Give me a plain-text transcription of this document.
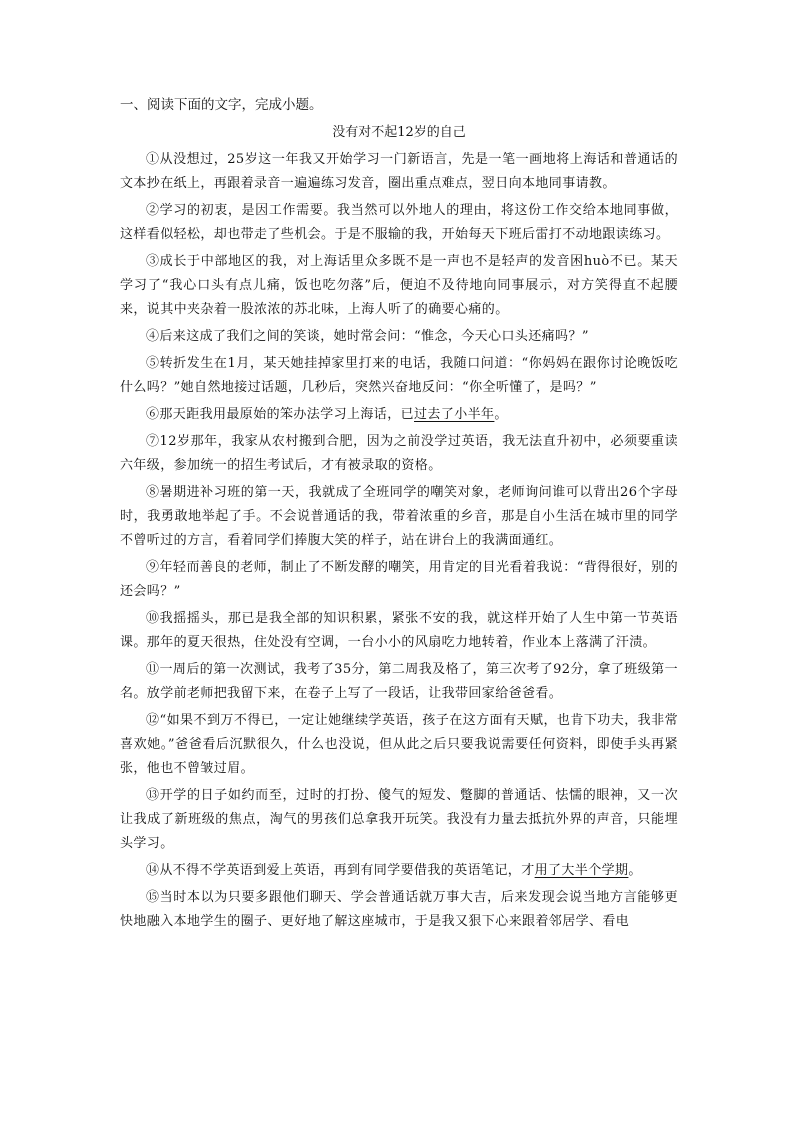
一、阅读下面的文字，完成小题。
没有对不起12岁的自己

①从没想过，25岁这一年我又开始学习一门新语言，先是一笔一画地将上海话和普通话的文本抄在纸上，再跟着录音一遍遍练习发音，圈出重点难点，翌日向本地同事请教。

②学习的初衷，是因工作需要。我当然可以外地人的理由，将这份工作交给本地同事做，这样看似轻松，却也带走了些机会。于是不服输的我，开始每天下班后雷打不动地跟读练习。

③成长于中部地区的我，对上海话里众多既不是一声也不是轻声的发音困huò不已。某天学习了“我心口头有点儿痛，饭也吃勿落”后，便迫不及待地向同事展示，对方笑得直不起腰来，说其中夹杂着一股浓浓的苏北味，上海人听了的确要心痛的。

④后来这成了我们之间的笑谈，她时常会问：“惟念，今天心口头还痛吗？”

⑤转折发生在1月，某天她挂掉家里打来的电话，我随口问道：“你妈妈在跟你讨论晚饭吃什么吗？”她自然地接过话题，几秒后，突然兴奋地反问：“你全听懂了，是吗？”

⑥那天距我用最原始的笨办法学习上海话，已过去了小半年。

⑦12岁那年，我家从农村搬到合肥，因为之前没学过英语，我无法直升初中，必须要重读六年级，参加统一的招生考试后，才有被录取的资格。

⑧暑期进补习班的第一天，我就成了全班同学的嘲笑对象，老师询问谁可以背出26个字母时，我勇敢地举起了手。不会说普通话的我，带着浓重的乡音，那是自小生活在城市里的同学不曾听过的方言，看着同学们捧腹大笑的样子，站在讲台上的我满面通红。

⑨年轻而善良的老师，制止了不断发酵的嘲笑，用肯定的目光看着我说：“背得很好，别的还会吗？”

⑩我摇摇头，那已是我全部的知识积累，紧张不安的我，就这样开始了人生中第一节英语课。那年的夏天很热，住处没有空调，一台小小的风扇吃力地转着，作业本上落满了汗渍。

⑪一周后的第一次测试，我考了35分，第二周我及格了，第三次考了92分，拿了班级第一名。放学前老师把我留下来，在卷子上写了一段话，让我带回家给爸爸看。

⑫“如果不到万不得已，一定让她继续学英语，孩子在这方面有天赋，也肯下功夫，我非常喜欢她。”爸爸看后沉默很久，什么也没说，但从此之后只要我说需要任何资料，即使手头再紧张，他也不曾皱过眉。

⑬开学的日子如约而至，过时的打扮、傻气的短发、蹩脚的普通话、怯懦的眼神，又一次让我成了新班级的焦点，淘气的男孩们总拿我开玩笑。我没有力量去抵抗外界的声音，只能埋头学习。

⑭从不得不学英语到爱上英语，再到有同学要借我的英语笔记，才用了大半个学期。

⑮当时本以为只要多跟他们聊天、学会普通话就万事大吉，后来发现会说当地方言能够更快地融入本地学生的圈子、更好地了解这座城市，于是我又狠下心来跟着邻居学、看电
